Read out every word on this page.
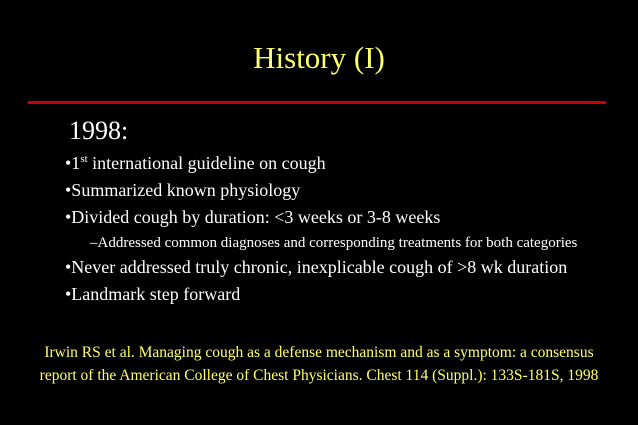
History (I)
1998:
•1st international guideline on cough
•Summarized known physiology
•Divided cough by duration: <3 weeks or 3-8 weeks
–Addressed common diagnoses and corresponding treatments for both categories
•Never addressed truly chronic, inexplicable cough of >8 wk duration
•Landmark step forward
Irwin RS et al. Managing cough as a defense mechanism and as a symptom: a consensus
report of the American College of Chest Physicians. Chest 114 (Suppl.): 133S-181S, 1998
